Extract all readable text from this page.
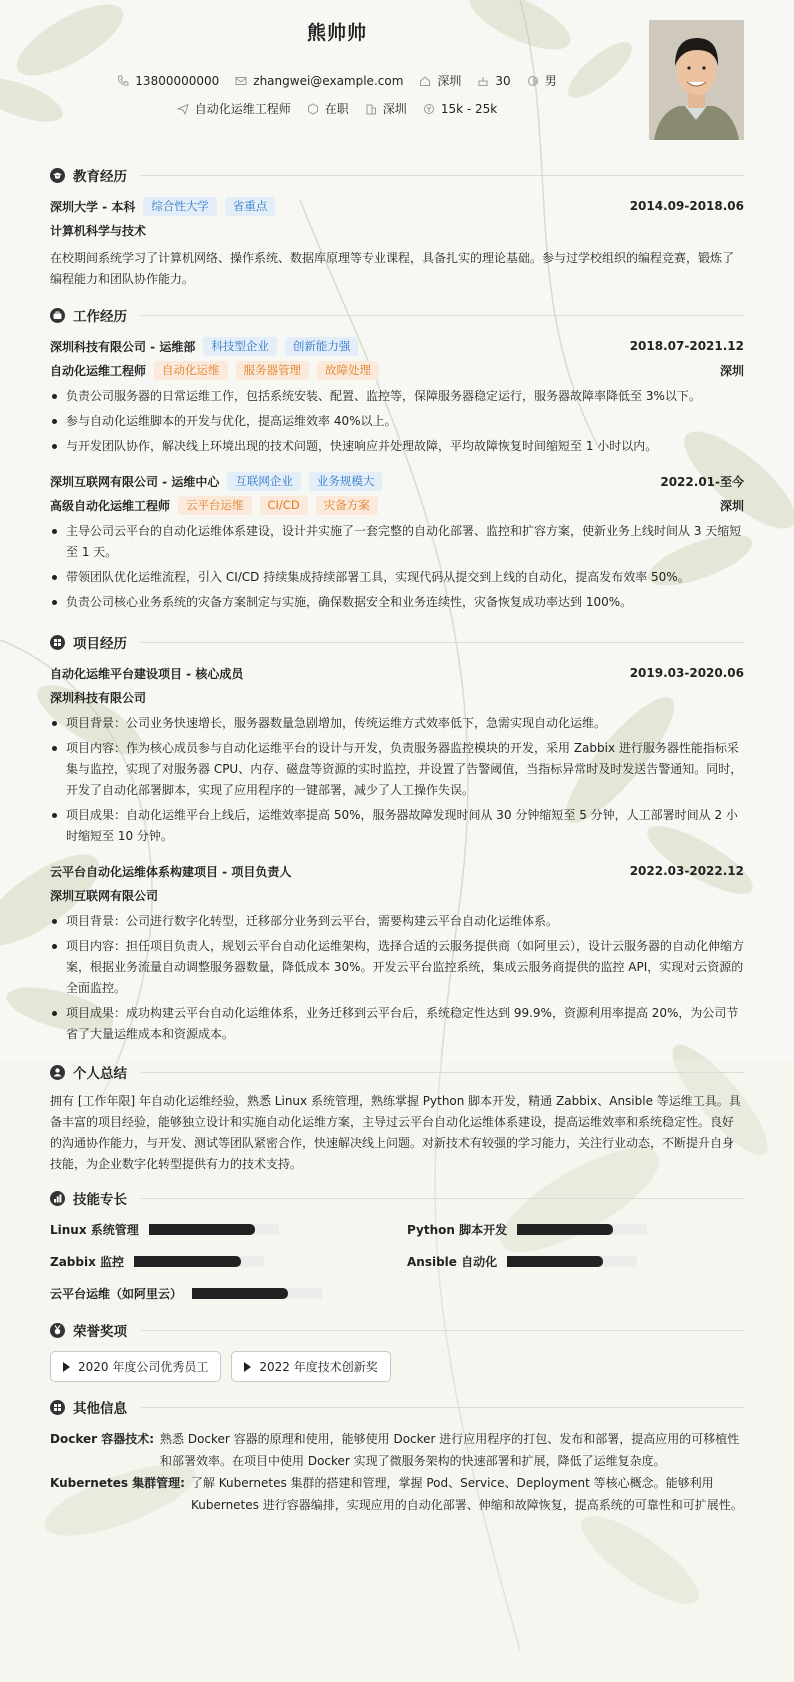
熊帅帅
13800000000	zhangwei@example.com	深圳	30	男
自动化运维工程师	在职	深圳	15k - 25k
教育经历
深圳大学 - 本科	综合性大学	省重点	2014.09-2018.06
计算机科学与技术

在校期间系统学习了计算机网络、操作系统、数据库原理等专业课程，具备扎实的理论基础。参与过学校组织的编程竞赛，锻炼了编程能力和团队协作能力。

工作经历
深圳科技有限公司 - 运维部	科技型企业	创新能力强	2018.07-2021.12
自动化运维工程师	自动化运维	服务器管理	故障处理	深圳
负责公司服务器的日常运维工作，包括系统安装、配置、监控等，保障服务器稳定运行，服务器故障率降低至 3%以下。
参与自动化运维脚本的开发与优化，提高运维效率 40%以上。
与开发团队协作，解决线上环境出现的技术问题，快速响应并处理故障，平均故障恢复时间缩短至 1 小时以内。
深圳互联网有限公司 - 运维中心	互联网企业	业务规模大	2022.01-至今
高级自动化运维工程师	云平台运维	CI/CD	灾备方案	深圳
主导公司云平台的自动化运维体系建设，设计并实施了一套完整的自动化部署、监控和扩容方案，使新业务上线时间从 3 天缩短至 1 天。
带领团队优化运维流程，引入 CI/CD 持续集成持续部署工具，实现代码从提交到上线的自动化，提高发布效率 50%。
负责公司核心业务系统的灾备方案制定与实施，确保数据安全和业务连续性，灾备恢复成功率达到 100%。
项目经历
自动化运维平台建设项目 - 核心成员	2019.03-2020.06
深圳科技有限公司
项目背景：公司业务快速增长，服务器数量急剧增加，传统运维方式效率低下，急需实现自动化运维。
项目内容：作为核心成员参与自动化运维平台的设计与开发，负责服务器监控模块的开发，采用 Zabbix 进行服务器性能指标采集与监控，实现了对服务器 CPU、内存、磁盘等资源的实时监控，并设置了告警阈值，当指标异常时及时发送告警通知。同时，开发了自动化部署脚本，实现了应用程序的一键部署，减少了人工操作失误。
项目成果：自动化运维平台上线后，运维效率提高 50%，服务器故障发现时间从 30 分钟缩短至 5 分钟，人工部署时间从 2 小时缩短至 10 分钟。
云平台自动化运维体系构建项目 - 项目负责人	2022.03-2022.12
深圳互联网有限公司
项目背景：公司进行数字化转型，迁移部分业务到云平台，需要构建云平台自动化运维体系。
项目内容：担任项目负责人，规划云平台自动化运维架构，选择合适的云服务提供商（如阿里云），设计云服务器的自动化伸缩方案，根据业务流量自动调整服务器数量，降低成本 30%。开发云平台监控系统，集成云服务商提供的监控 API，实现对云资源的全面监控。
项目成果：成功构建云平台自动化运维体系，业务迁移到云平台后，系统稳定性达到 99.9%，资源利用率提高 20%，为公司节省了大量运维成本和资源成本。
个人总结

拥有 [工作年限] 年自动化运维经验，熟悉 Linux 系统管理，熟练掌握 Python 脚本开发，精通 Zabbix、Ansible 等运维工具。具备丰富的项目经验，能够独立设计和实施自动化运维方案，主导过云平台自动化运维体系建设，提高运维效率和系统稳定性。良好的沟通协作能力，与开发、测试等团队紧密合作，快速解决线上问题。对新技术有较强的学习能力，关注行业动态，不断提升自身技能，为企业数字化转型提供有力的技术支持。

技能专长
Linux 系统管理	Python 脚本开发
Zabbix 监控	Ansible 自动化
云平台运维（如阿里云）
荣誉奖项
2020 年度公司优秀员工	2022 年度技术创新奖
其他信息
Docker 容器技术: 熟悉 Docker 容器的原理和使用，能够使用 Docker 进行应用程序的打包、发布和部署，提高应用的可移植性和部署效率。在项目中使用 Docker 实现了微服务架构的快速部署和扩展，降低了运维复杂度。
Kubernetes 集群管理: 了解 Kubernetes 集群的搭建和管理，掌握 Pod、Service、Deployment 等核心概念。能够利用 Kubernetes 进行容器编排，实现应用的自动化部署、伸缩和故障恢复，提高系统的可靠性和可扩展性。
